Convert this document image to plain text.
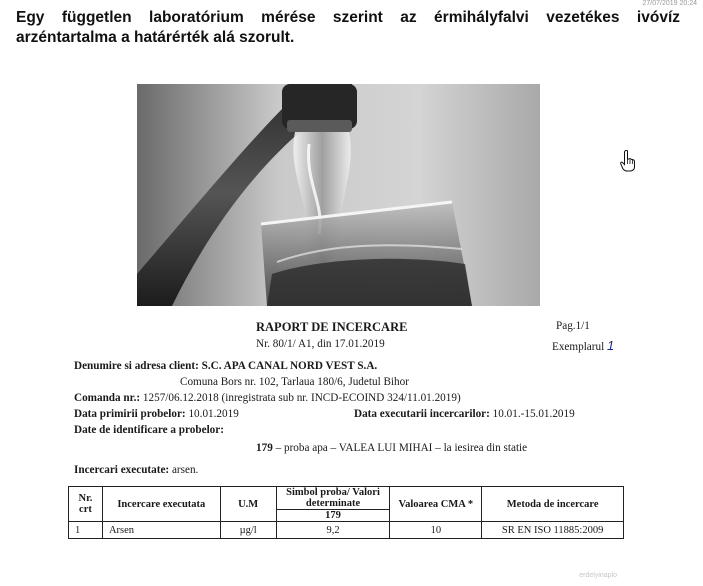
27/07/2019 20:24
Egy független laboratórium mérése szerint az érmihályfalvi vezetékes ivóvíz arzéntartalma a határérték alá szorult.
RAPORT DE INCERCARE	Pag.1/1
Nr. 80/1/ A1, din 17.01.2019	Exemplarul 1
Denumire si adresa client: S.C. APA CANAL NORD VEST S.A.
Comuna Bors nr. 102, Tarlaua 180/6, Judetul Bihor
Comanda nr.: 1257/06.12.2018 (inregistrata sub nr. INCD-ECOIND 324/11.01.2019)
Data primirii probelor: 10.01.2019	Data executarii incercarilor: 10.01.-15.01.2019
Date de identificare a probelor:
179 – proba apa – VALEA LUI MIHAI – la iesirea din statie
Incercari executate: arsen.
Nr. crt	Incercare executata	U.M	Simbol proba/ Valori determinate	Valoarea CMA *	Metoda de incercare
			179		
1	Arsen	µg/l	9,2	10	SR EN ISO 11885:2009
erdelyinaplo
